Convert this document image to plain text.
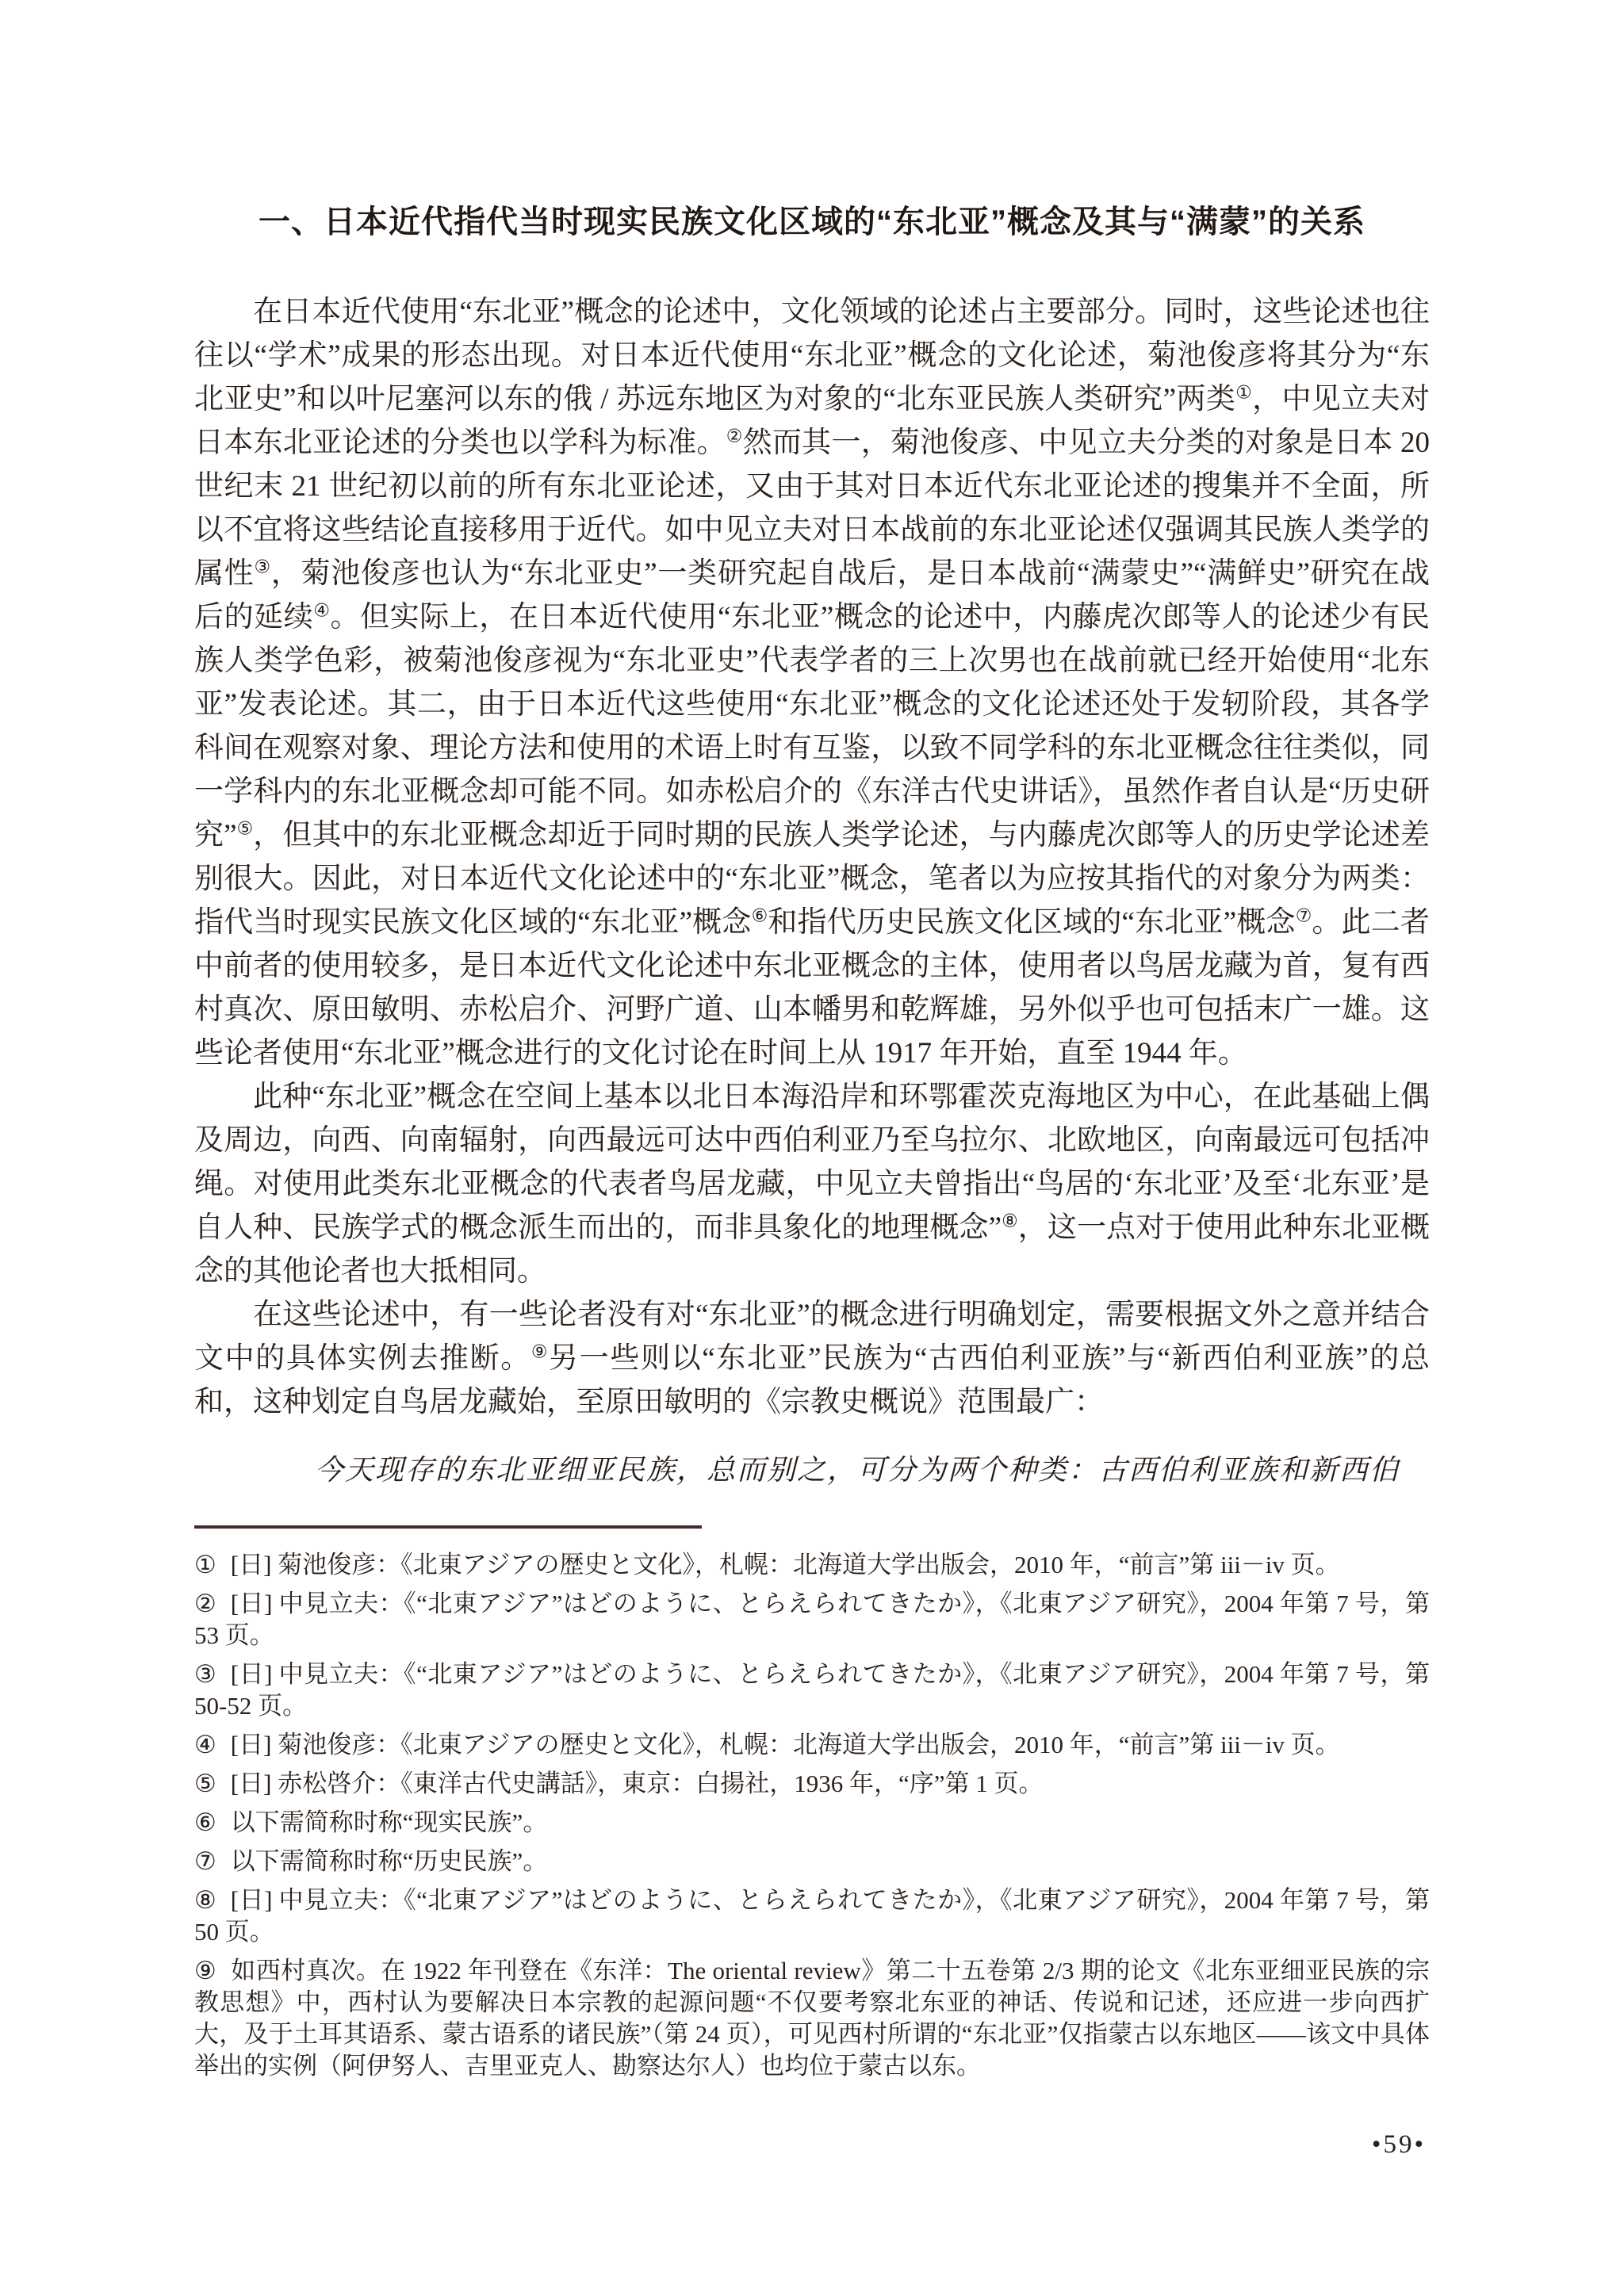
一、日本近代指代当时现实民族文化区域的“东北亚”概念及其与“满蒙”的关系

在日本近代使用“东北亚”概念的论述中，文化领域的论述占主要部分。同时，这些论述也往往以“学术”成果的形态出现。对日本近代使用“东北亚”概念的文化论述，菊池俊彦将其分为“东北亚史”和以叶尼塞河以东的俄 / 苏远东地区为对象的“北东亚民族人类研究”两类①，中见立夫对日本东北亚论述的分类也以学科为标准。②然而其一，菊池俊彦、中见立夫分类的对象是日本 20 世纪末 21 世纪初以前的所有东北亚论述，又由于其对日本近代东北亚论述的搜集并不全面，所以不宜将这些结论直接移用于近代。如中见立夫对日本战前的东北亚论述仅强调其民族人类学的属性③，菊池俊彦也认为“东北亚史”一类研究起自战后，是日本战前“满蒙史”“满鲜史”研究在战后的延续④。但实际上，在日本近代使用“东北亚”概念的论述中，内藤虎次郎等人的论述少有民族人类学色彩，被菊池俊彦视为“东北亚史”代表学者的三上次男也在战前就已经开始使用“北东亚”发表论述。其二，由于日本近代这些使用“东北亚”概念的文化论述还处于发轫阶段，其各学科间在观察对象、理论方法和使用的术语上时有互鉴，以致不同学科的东北亚概念往往类似，同一学科内的东北亚概念却可能不同。如赤松启介的《东洋古代史讲话》，虽然作者自认是“历史研究”⑤，但其中的东北亚概念却近于同时期的民族人类学论述，与内藤虎次郎等人的历史学论述差别很大。因此，对日本近代文化论述中的“东北亚”概念，笔者以为应按其指代的对象分为两类：指代当时现实民族文化区域的“东北亚”概念⑥和指代历史民族文化区域的“东北亚”概念⑦。此二者中前者的使用较多，是日本近代文化论述中东北亚概念的主体，使用者以鸟居龙藏为首，复有西村真次、原田敏明、赤松启介、河野广道、山本幡男和乾辉雄，另外似乎也可包括末广一雄。这些论者使用“东北亚”概念进行的文化讨论在时间上从 1917 年开始，直至 1944 年。

此种“东北亚”概念在空间上基本以北日本海沿岸和环鄂霍茨克海地区为中心，在此基础上偶及周边，向西、向南辐射，向西最远可达中西伯利亚乃至乌拉尔、北欧地区，向南最远可包括冲绳。对使用此类东北亚概念的代表者鸟居龙藏，中见立夫曾指出“鸟居的‘东北亚’及至‘北东亚’是自人种、民族学式的概念派生而出的，而非具象化的地理概念”⑧，这一点对于使用此种东北亚概念的其他论者也大抵相同。

在这些论述中，有一些论者没有对“东北亚”的概念进行明确划定，需要根据文外之意并结合文中的具体实例去推断。⑨另一些则以“东北亚”民族为“古西伯利亚族”与“新西伯利亚族”的总和，这种划定自鸟居龙藏始，至原田敏明的《宗教史概说》范围最广：

今天现存的东北亚细亚民族，总而别之，可分为两个种类：古西伯利亚族和新西伯
① [日] 菊池俊彦：《北東アジアの歴史と文化》，札幌：北海道大学出版会，2010 年，“前言”第 iii－iv 页。
② [日] 中見立夫：《“北東アジア”はどのように、とらえられてきたか》，《北東アジア研究》，2004 年第 7 号，第 53 页。
③ [日] 中見立夫：《“北東アジア”はどのように、とらえられてきたか》，《北東アジア研究》，2004 年第 7 号，第 50-52 页。
④ [日] 菊池俊彦：《北東アジアの歴史と文化》，札幌：北海道大学出版会，2010 年，“前言”第 iii－iv 页。
⑤ [日] 赤松啓介：《東洋古代史講話》，東京：白揚社，1936 年，“序”第 1 页。
⑥ 以下需简称时称“现实民族”。
⑦ 以下需简称时称“历史民族”。
⑧ [日] 中見立夫：《“北東アジア”はどのように、とらえられてきたか》，《北東アジア研究》，2004 年第 7 号，第 50 页。
⑨ 如西村真次。在 1922 年刊登在《东洋：The oriental review》第二十五卷第 2/3 期的论文《北东亚细亚民族的宗教思想》中，西村认为要解决日本宗教的起源问题“不仅要考察北东亚的神话、传说和记述，还应进一步向西扩大，及于土耳其语系、蒙古语系的诸民族”（第 24 页），可见西村所谓的“东北亚”仅指蒙古以东地区——该文中具体举出的实例（阿伊努人、吉里亚克人、勘察达尔人）也均位于蒙古以东。
•59•
